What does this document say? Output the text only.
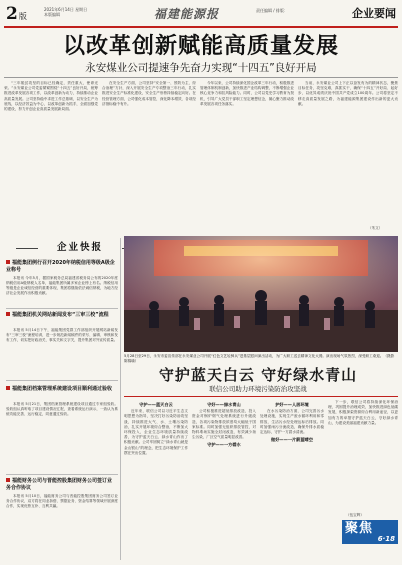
2版
2021年6月14日 星期日
本版编辑	福建能源报	责任编辑 / 排版：	企业要闻
以改革创新赋能高质量发展
永安煤业公司提速争先奋力实现“十四五”良好开局

“三年脱贫攻坚的目标已经确定，责任重大，使命光荣。”永安煤业公司党委紧紧围绕“十四五”良好开局，统筹推进改革发展各项工作，以改革创新为动力，持续推动企业高质量发展。公司坚持稳中求进工作总基调，以安全生产为底线，以经济效益为中心，以改革创新为抓手，全面加强党的建设，努力开创企业高质量发展新局面。

在安全生产方面，公司坚持“安全第一、预防为主、综合治理”方针，深入开展安全生产专项整治三年行动，扎实推进安全生产标准化建设，安全生产形势持续稳定向好。在经营管理方面，公司强化成本管控，深化降本增效，各项经济指标稳中有升。

今年以来，公司持续深化国企改革三年行动，积极推进管理体制机制创新，加快推进产业结构调整，不断增强企业核心竞争力和抗风险能力。同时，公司以党史学习教育为契机，引导广大党员干部职工坚定理想信念，凝心聚力推动改革发展各项任务落实。

当前，永安煤业公司上下正以奋发有为的精神状态，聚焦目标任务，攻坚克难，真抓实干，确保“十四五”开好局、起好步，以优异成绩庆祝中国共产党成立100周年。公司将坚定不移走高质量发展之路，为福建能源集团建设作出新的更大贡献。

（朱文）
企业快报
福能集团例行召开2020年纳税信用等级A级企业称号

本报讯 今年5月，据国家税务总局福建省税务局公布的2020年度纳税信用A级纳税人名单，福能集团所属多家企业榜上有名。纳税信用等级是企业诚信经营的重要体现，集团将继续依法诚信纳税，为地方经济社会发展作出积极贡献。

福能集团机关网站新闻发布“三审三校”流程

本报讯 5月14日下午，福能集团党群工作部组织开展网站新闻发布“三审三校”流程培训，进一步规范新闻稿件的采写、编辑、审核和发布工作，切实把好政治关、事实关和文字关，提升集团对外宣传质量。

福能集团档案管理系统建设项目顺利通过验收

本报讯 5月21日，集团档案管理系统建设项目通过专家组验收。验收组认真听取了项目建设情况汇报，查看系统运行演示，一致认为系统功能完善、运行稳定，同意通过验收。

福能财务公司与晋能控股集团财务公司签订业务合作协议

本报讯 5月10日，福能财务公司与晋能控股集团财务公司签订业务合作协议，双方将在同业拆借、票据业务、资金结算等领域开展深度合作，实现优势互补、互利共赢。

5月28日至29日，永安市委宣传部在永安煤业公司开展“红色文艺轻骑兵”进基层慰问演出活动，为广大职工送去精神文化大餐。演出现场气氛热烈，深受职工欢迎。（摄影 陈锦瑜）
守护蓝天白云 守好绿水青山
联信公司助力环境污染防治攻坚战
守护——蓝天白云

近年来，联信公司以习近平生态文明思想为指导，坚决打好污染防治攻坚战，持续推进大气、水、土壤污染防治，扎实开展环境综合整治，不断加大环保投入，企业生态环境质量持续改善，为守护蓝天白云、绿水青山作出了积极贡献。公司牢固树立“绿水青山就是金山银山”的理念，把生态环境保护工作摆在突出位置。

守好——绿水青山

公司积极推进超低排放改造，投入资金对锅炉烟气处理系统进行升级改造，各项污染物排放浓度均大幅低于国家标准。同时加强无组织排放管控，对物料堆场实施全封闭改造，有效减少扬尘污染，厂区空气质量明显改善。

守护——一方碧水
护好——人居环境

在水污染防治方面，公司完善污水处理设施，实现生产废水循环利用和零排放，生活污水经处理达标后排放。同时加强雨污分流改造，确保外排水质稳定达标，守护一方碧水清流。

做好——一片蔚蓝晴空

下一步，联信公司将持续深化环保治理，巩固提升治理成效，加快推进绿色低碳发展，积极探索资源综合利用新途径，以更加有力的举措守护蓝天白云，守好绿水青山，为建设美丽福建贡献力量。

（伍宝辉）
聚焦
6·18
